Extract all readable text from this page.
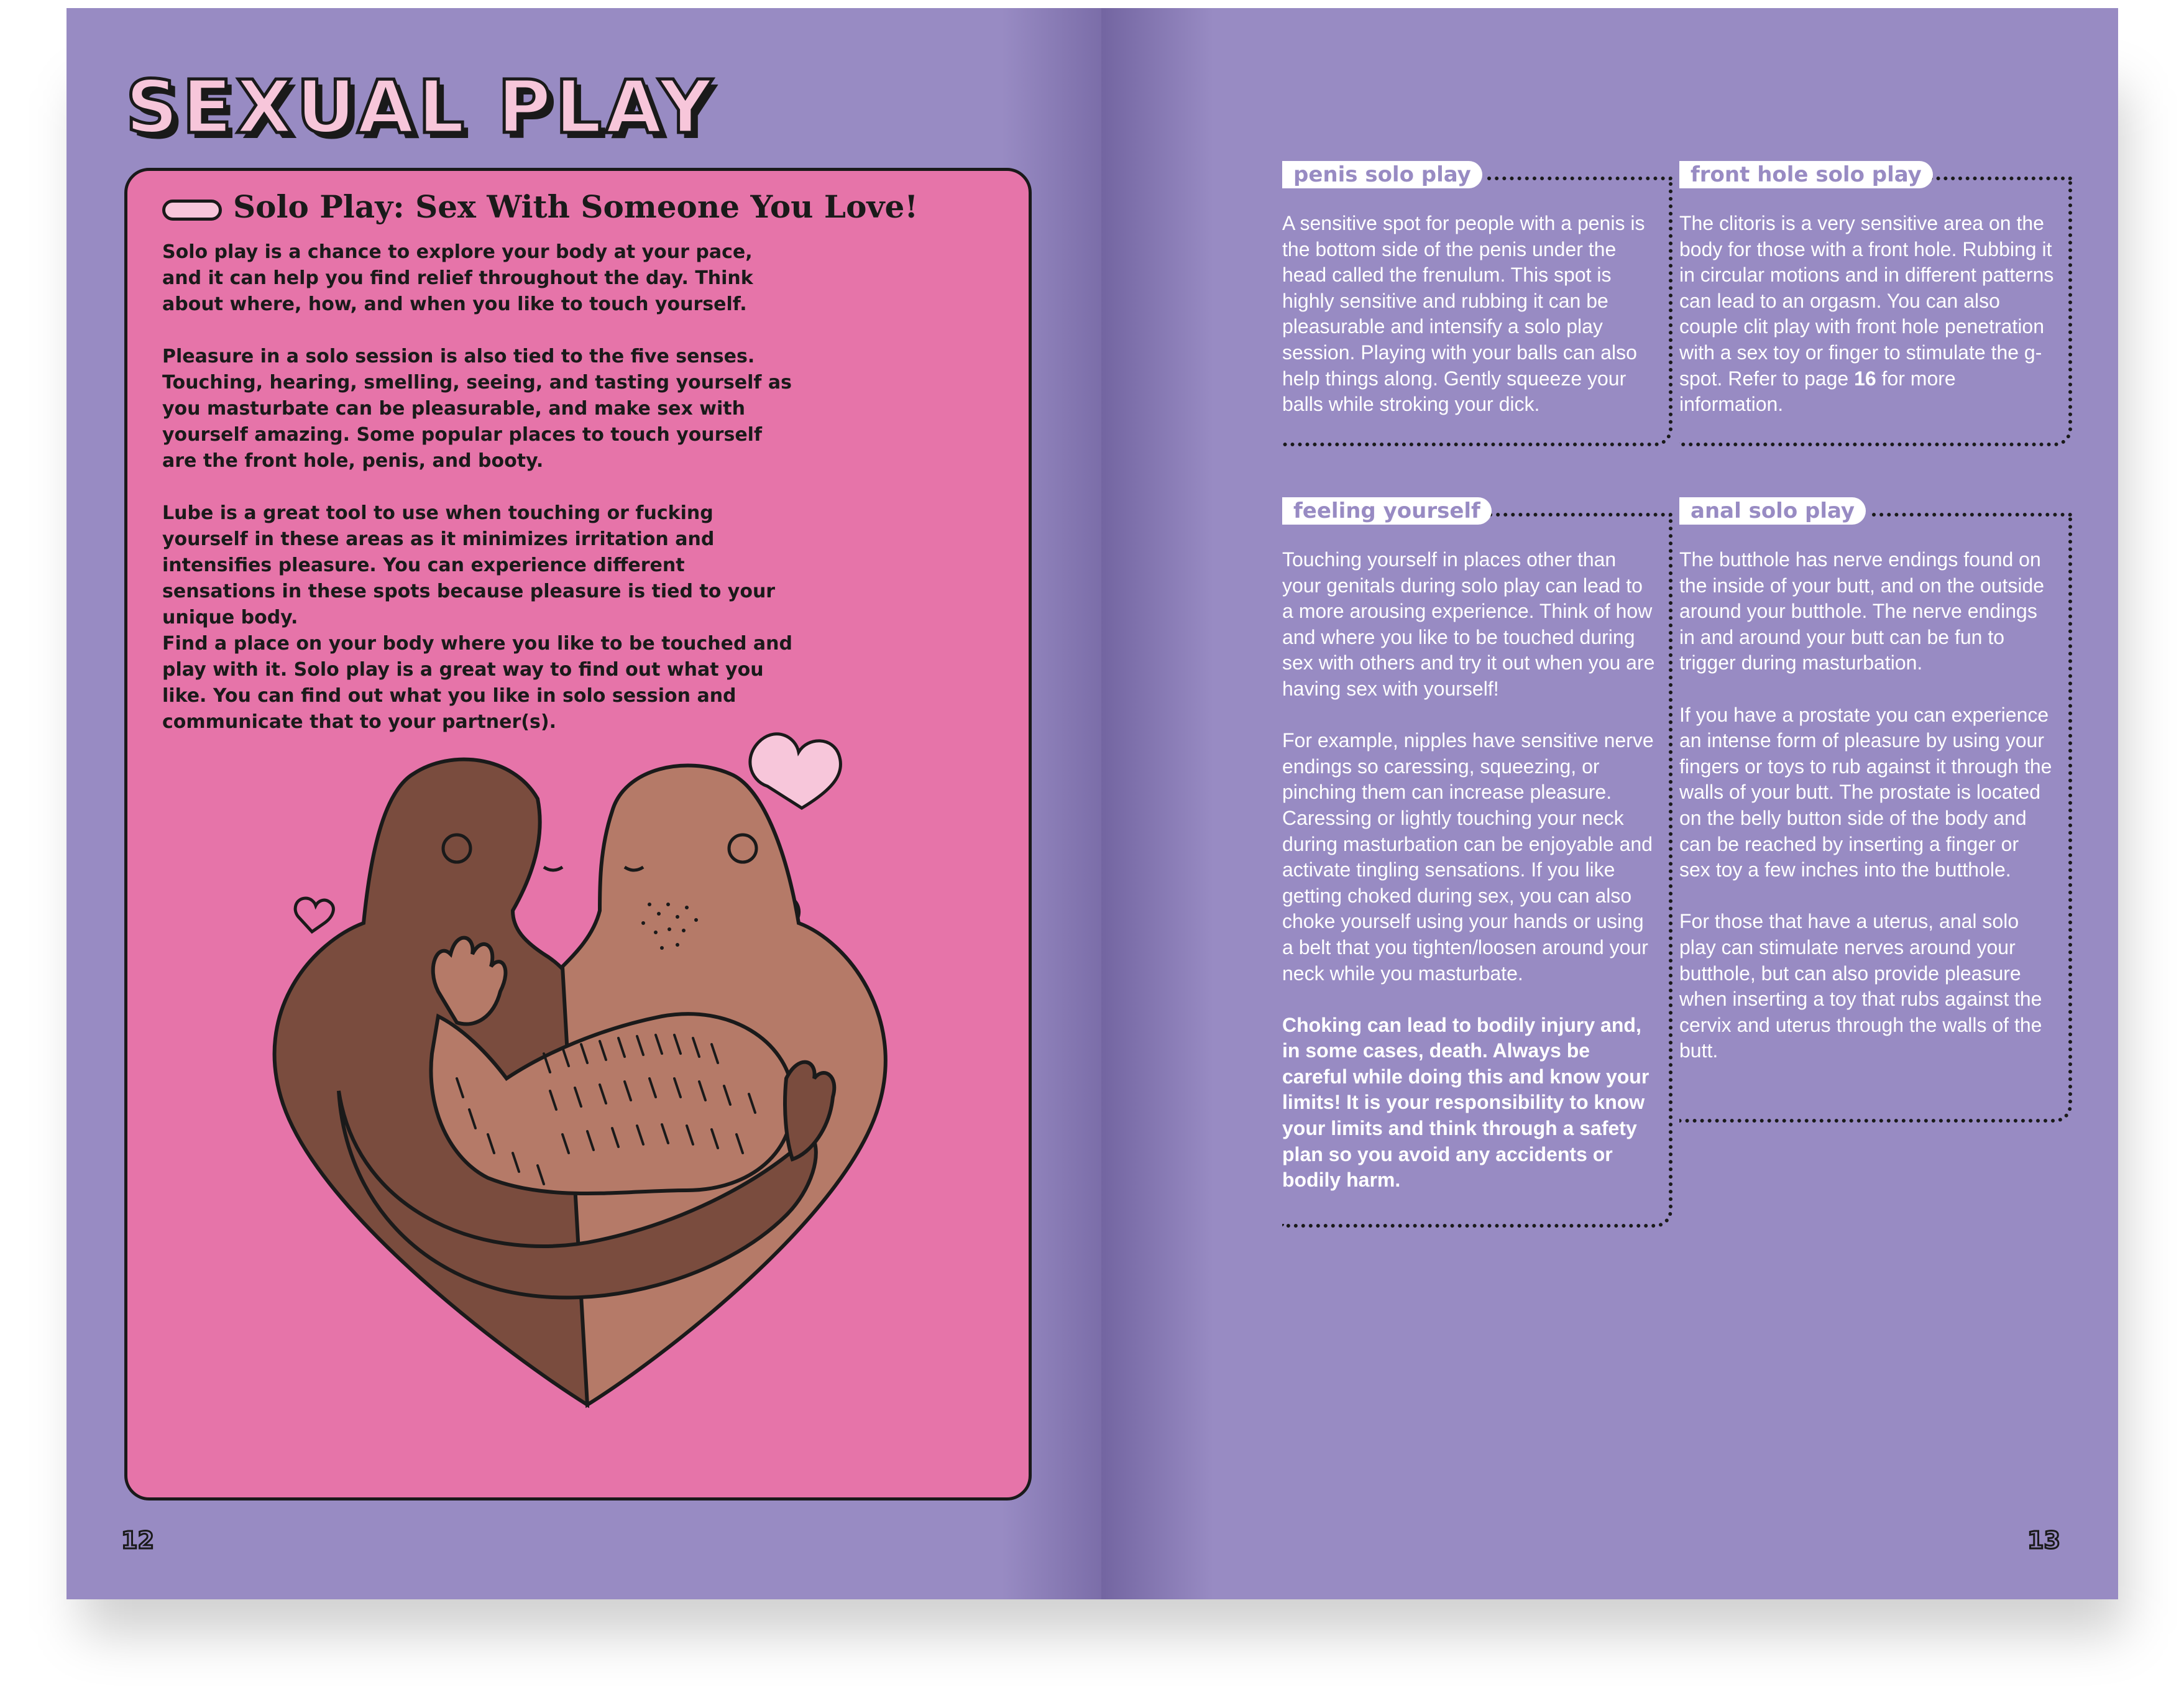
SEXUAL PLAY
Solo Play: Sex With Someone You Love!

Solo play is a chance to explore your body at your pace, and it can help you find relief throughout the day. Think about where, how, and when you like to touch yourself.

Pleasure in a solo session is also tied to the five senses. Touching, hearing, smelling, seeing, and tasting yourself as you masturbate can be pleasurable, and make sex with yourself amazing. Some popular places to touch yourself are the front hole, penis, and booty.

Lube is a great tool to use when touching or fucking yourself in these areas as it minimizes irritation and intensifies pleasure. You can experience different sensations in these spots because pleasure is tied to your unique body.

Find a place on your body where you like to be touched and play with it. Solo play is a great way to find out what you like. You can find out what you like in solo session and communicate that to your partner(s).

12
penis solo play

A sensitive spot for people with a penis is the bottom side of the penis under the head called the frenulum. This spot is highly sensitive and rubbing it can be pleasurable and intensify a solo play session. Playing with your balls can also help things along. Gently squeeze your balls while stroking your dick.

front hole solo play

The clitoris is a very sensitive area on the body for those with a front hole. Rubbing it in circular motions and in different patterns can lead to an orgasm. You can also couple clit play with front hole penetration with a sex toy or finger to stimulate the g-spot. Refer to page 16 for more information.

feeling yourself

Touching yourself in places other than your genitals during solo play can lead to a more arousing experience. Think of how and where you like to be touched during sex with others and try it out when you are having sex with yourself!

For example, nipples have sensitive nerve endings so caressing, squeezing, or pinching them can increase pleasure. Caressing or lightly touching your neck during masturbation can be enjoyable and activate tingling sensations. If you like getting choked during sex, you can also choke yourself using your hands or using a belt that you tighten/loosen around your neck while you masturbate.

Choking can lead to bodily injury and, in some cases, death. Always be careful while doing this and know your limits! It is your responsibility to know your limits and think through a safety plan so you avoid any accidents or bodily harm.

anal solo play

The butthole has nerve endings found on the inside of your butt, and on the outside around your butthole. The nerve endings in and around your butt can be fun to trigger during masturbation.

If you have a prostate you can experience an intense form of pleasure by using your fingers or toys to rub against it through the walls of your butt. The prostate is located on the belly button side of the body and can be reached by inserting a finger or sex toy a few inches into the butthole.

For those that have a uterus, anal solo play can stimulate nerves around your butthole, but can also provide pleasure when inserting a toy that rubs against the cervix and uterus through the walls of the butt.

13
